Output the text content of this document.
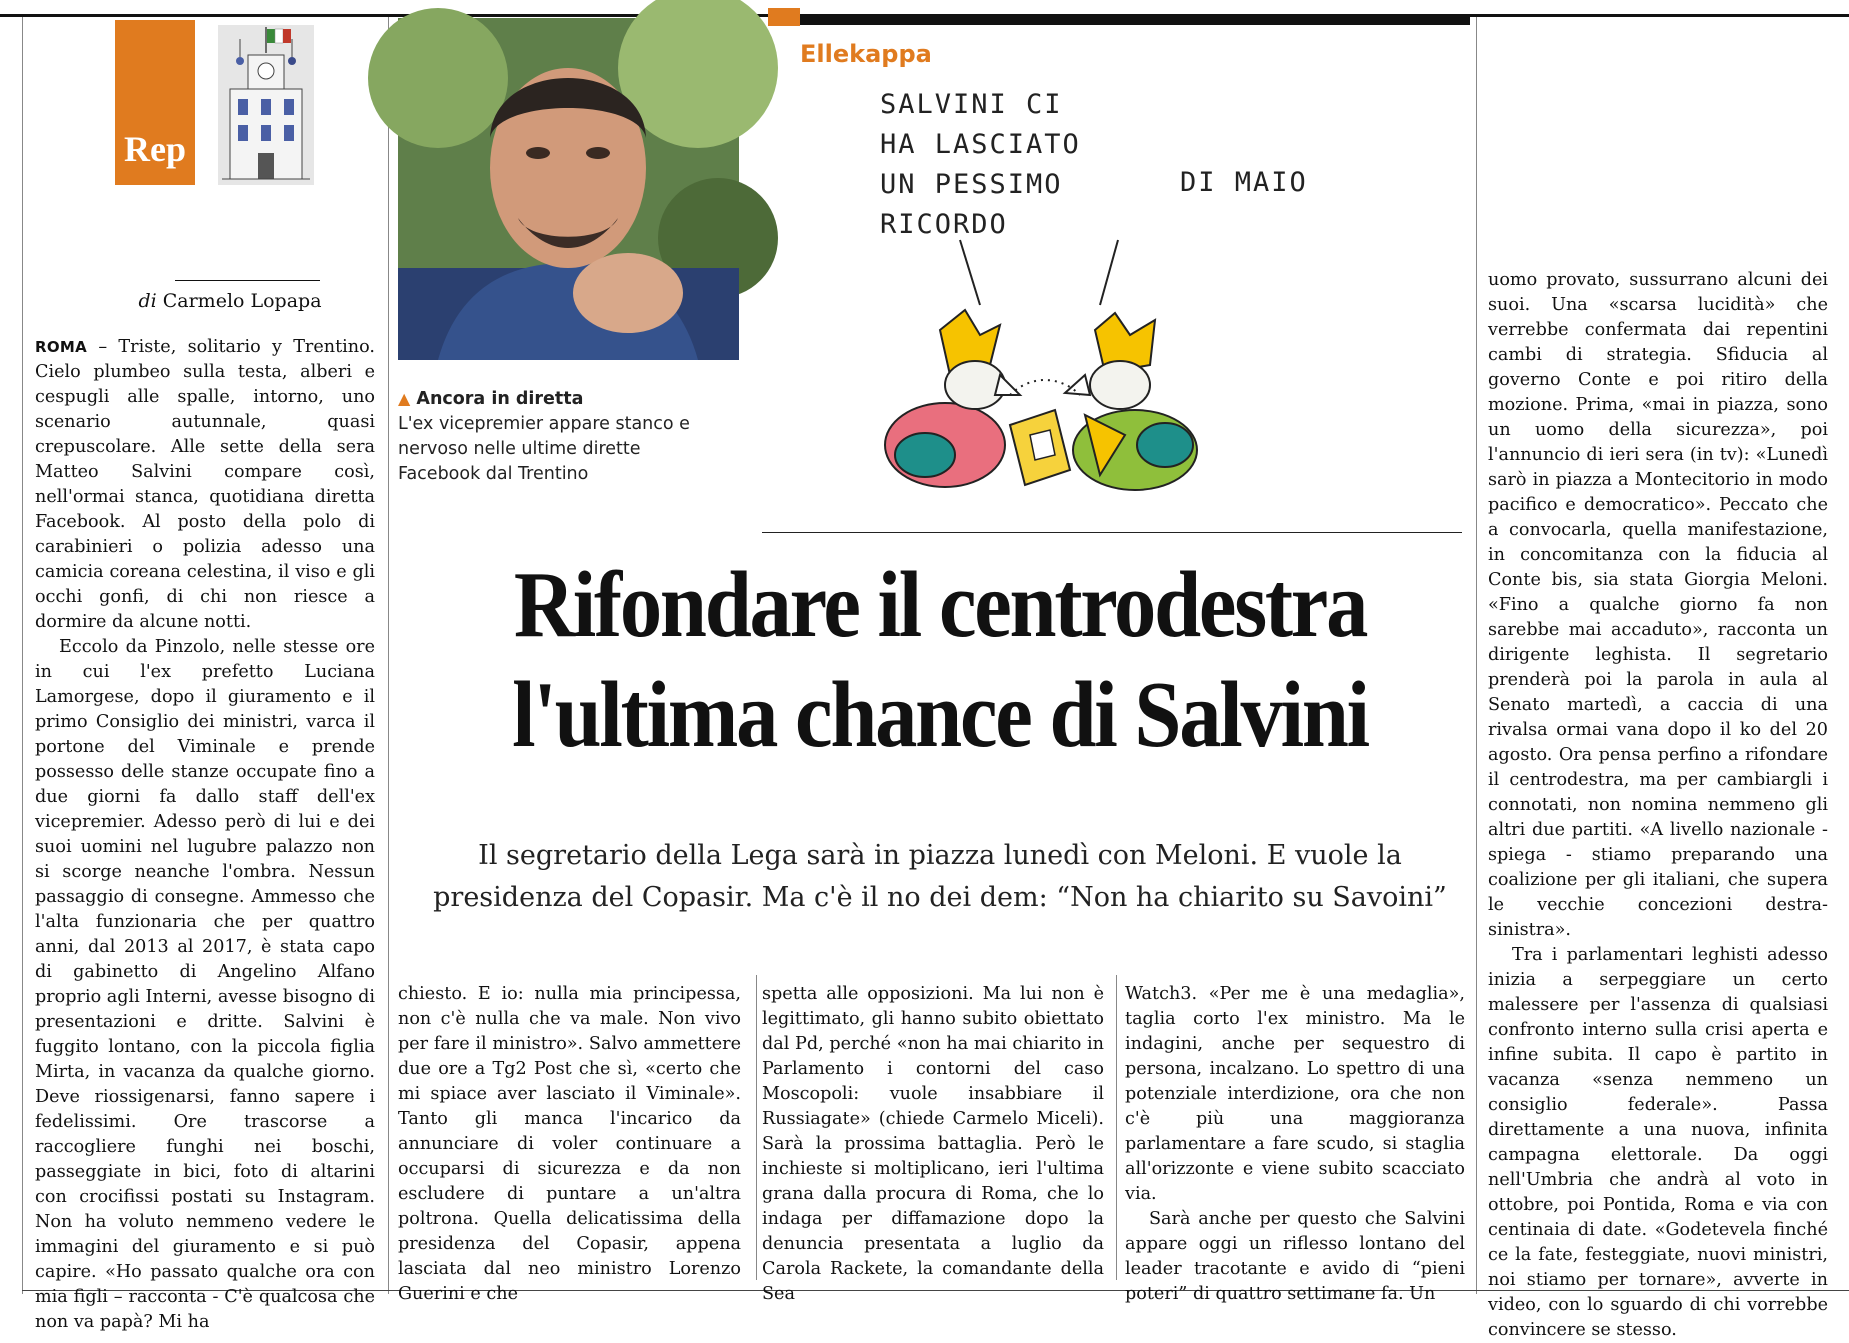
Rep
di Carmelo Lopapa

ROMA – Triste, solitario y Trentino. Cielo plumbeo sulla testa, alberi e cespugli alle spalle, intorno, uno scenario autunnale, quasi crepuscolare. Alle sette della sera Matteo Salvini compare così, nell'ormai stanca, quotidiana diretta Facebook. Al posto della polo di carabinieri o polizia adesso una camicia coreana celestina, il viso e gli occhi gonfi, di chi non riesce a dormire da alcune notti.

Eccolo da Pinzolo, nelle stesse ore in cui l'ex prefetto Luciana Lamorgese, dopo il giuramento e il primo Consiglio dei ministri, varca il portone del Viminale e prende possesso delle stanze occupate fino a due giorni fa dallo staff dell'ex vicepremier. Adesso però di lui e dei suoi uomini nel lugubre palazzo non si scorge neanche l'ombra. Nessun passaggio di consegne. Ammesso che l'alta funzionaria che per quattro anni, dal 2013 al 2017, è stata capo di gabinetto di Angelino Alfano proprio agli Interni, avesse bisogno di presentazioni e dritte. Salvini è fuggito lontano, con la piccola figlia Mirta, in vacanza da qualche giorno. Deve riossigenarsi, fanno sapere i fedelissimi. Ore trascorse a raccogliere funghi nei boschi, passeggiate in bici, foto di altarini con crocifissi postati su Instagram. Non ha voluto nemmeno vedere le immagini del giuramento e si può capire. «Ho passato qualche ora con mia figli – racconta - C'è qualcosa che non va papà? Mi ha

▲ Ancora in diretta
L'ex vicepremier appare stanco e nervoso nelle ultime dirette Facebook dal Trentino
Ellekappa
SALVINI CI
HA LASCIATO
UN PESSIMO
RICORDO
DI MAIO
Rifondare il centrodestra
l'ultima chance di Salvini
Il segretario della Lega sarà in piazza lunedì con Meloni. E vuole la presidenza del Copasir. Ma c'è il no dei dem: “Non ha chiarito su Savoini”
chiesto. E io: nulla mia principessa, non c'è nulla che va male. Non vivo per fare il ministro». Salvo ammettere due ore a Tg2 Post che sì, «certo che mi spiace aver lasciato il Viminale». Tanto gli manca l'incarico da annunciare di voler continuare a occuparsi di sicurezza e da non escludere di puntare a un'altra poltrona. Quella delicatissima della presidenza del Copasir, appena lasciata dal neo ministro Lorenzo Guerini e che
spetta alle opposizioni. Ma lui non è legittimato, gli hanno subito obiettato dal Pd, perché «non ha mai chiarito in Parlamento i contorni del caso Moscopoli: vuole insabbiare il Russiagate» (chiede Carmelo Miceli). Sarà la prossima battaglia. Però le inchieste si moltiplicano, ieri l'ultima grana dalla procura di Roma, che lo indaga per diffamazione dopo la denuncia presentata a luglio da Carola Rackete, la comandante della Sea

Watch3. «Per me è una medaglia», taglia corto l'ex ministro. Ma le indagini, anche per sequestro di persona, incalzano. Lo spettro di una potenziale interdizione, ora che non c'è più una maggioranza parlamentare a fare scudo, si staglia all'orizzonte e viene subito scacciato via.

Sarà anche per questo che Salvini appare oggi un riflesso lontano del leader tracotante e avido di “pieni poteri” di quattro settimane fa. Un

uomo provato, sussurrano alcuni dei suoi. Una «scarsa lucidità» che verrebbe confermata dai repentini cambi di strategia. Sfiducia al governo Conte e poi ritiro della mozione. Prima, «mai in piazza, sono un uomo della sicurezza», poi l'annuncio di ieri sera (in tv): «Lunedì sarò in piazza a Montecitorio in modo pacifico e democratico». Peccato che a convocarla, quella manifestazione, in concomitanza con la fiducia al Conte bis, sia stata Giorgia Meloni. «Fino a qualche giorno fa non sarebbe mai accaduto», racconta un dirigente leghista. Il segretario prenderà poi la parola in aula al Senato martedì, a caccia di una rivalsa ormai vana dopo il ko del 20 agosto. Ora pensa perfino a rifondare il centrodestra, ma per cambiargli i connotati, non nomina nemmeno gli altri due partiti. «A livello nazionale - spiega - stiamo preparando una coalizione per gli italiani, che supera le vecchie concezioni destra-sinistra».

Tra i parlamentari leghisti adesso inizia a serpeggiare un certo malessere per l'assenza di qualsiasi confronto interno sulla crisi aperta e infine subita. Il capo è partito in vacanza «senza nemmeno un consiglio federale». Passa direttamente a una nuova, infinita campagna elettorale. Da oggi nell'Umbria che andrà al voto in ottobre, poi Pontida, Roma e via con centinaia di date. «Godetevela finché ce la fate, festeggiate, nuovi ministri, noi stiamo per tornare», avverte in video, con lo sguardo di chi vorrebbe convincere se stesso.
